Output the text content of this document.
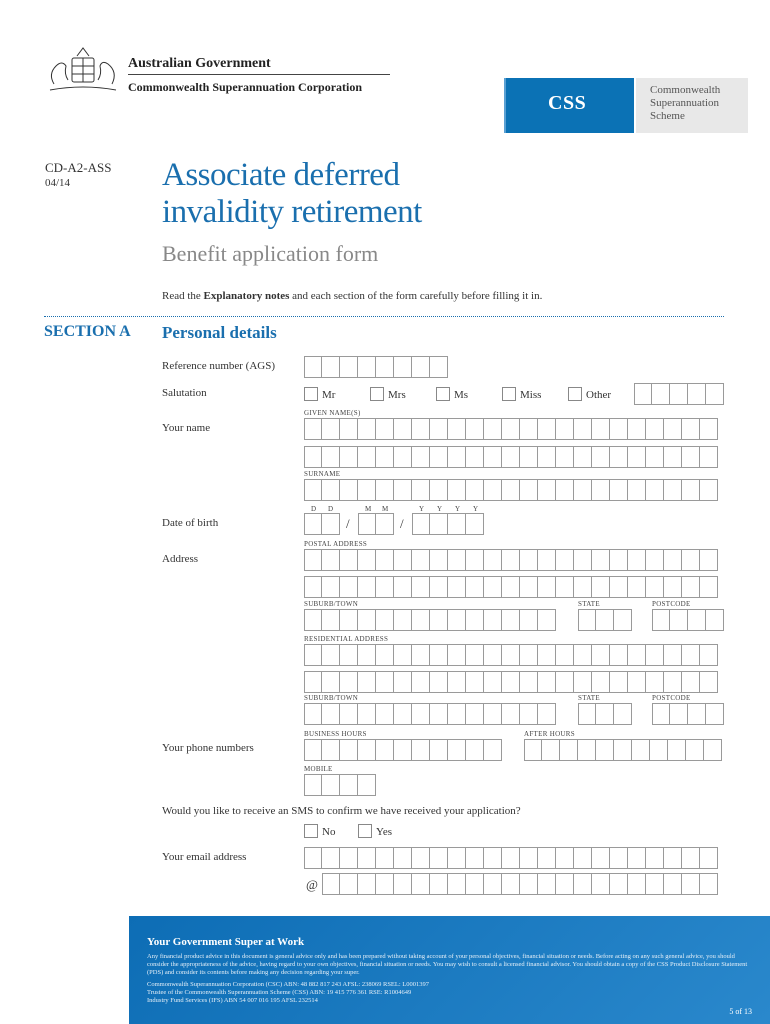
Australian Government
Commonwealth Superannuation Corporation
CSS
Commonwealth
Superannuation
Scheme
CD-A2-ASS
04/14	Associate deferred
invalidity retirement
Benefit application form
Read the Explanatory notes and each section of the form carefully before filling it in.
SECTION A Personal details
Reference number (AGS)
Salutation	Mr	Mrs	Ms	Miss	Other
GIVEN NAME(S)
Your name
SURNAME
D D	M M	Y Y Y Y
Date of birth	/	/
POSTAL ADDRESS
Address
SUBURB/TOWN	STATE	POSTCODE
RESIDENTIAL ADDRESS
SUBURB/TOWN	STATE	POSTCODE
BUSINESS HOURS	AFTER HOURS
Your phone numbers
MOBILE
Would you like to receive an SMS to confirm we have received your application?
No	Yes
Your email address
@
Your Government Super at Work

Any financial product advice in this document is general advice only and has been prepared without taking account of your personal objectives, financial situation or needs. Before acting on any such general advice, you should consider the appropriateness of the advice, having regard to your own objectives, financial situation or needs. You may wish to consult a licensed financial advisor. You should obtain a copy of the CSS Product Disclosure Statement (PDS) and consider its contents before making any decision regarding your super.

Commonwealth Superannuation Corporation (CSC) ABN: 48 882 817 243 AFSL: 238069 RSEL: L0001397

Trustee of the Commonwealth Superannuation Scheme (CSS) ABN: 19 415 776 361 RSE: R1004649

Industry Fund Services (IFS) ABN 54 007 016 195 AFSL 232514

5 of 13
